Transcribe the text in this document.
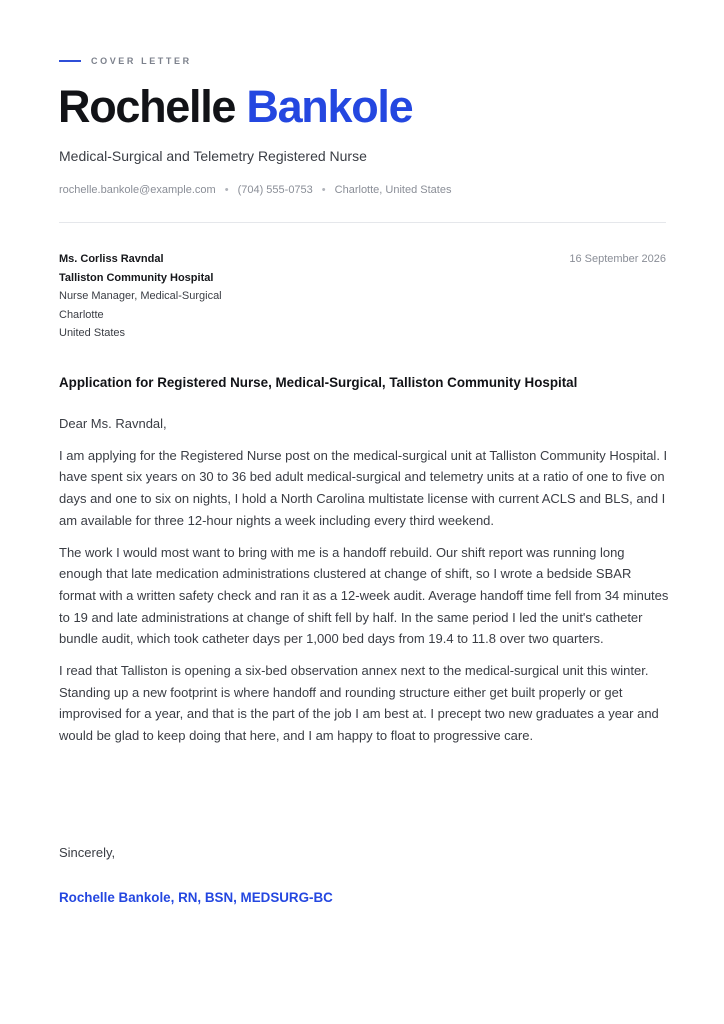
COVER LETTER
Rochelle Bankole
Medical-Surgical and Telemetry Registered Nurse
rochelle.bankole@example.com • (704) 555-0753 • Charlotte, United States
Ms. Corliss Ravndal
Talliston Community Hospital
Nurse Manager, Medical-Surgical
Charlotte
United States
16 September 2026
Application for Registered Nurse, Medical-Surgical, Talliston Community Hospital

Dear Ms. Ravndal,

I am applying for the Registered Nurse post on the medical-surgical unit at Talliston Community Hospital. I have spent six years on 30 to 36 bed adult medical-surgical and telemetry units at a ratio of one to five on days and one to six on nights, I hold a North Carolina multistate license with current ACLS and BLS, and I am available for three 12-hour nights a week including every third weekend.

The work I would most want to bring with me is a handoff rebuild. Our shift report was running long enough that late medication administrations clustered at change of shift, so I wrote a bedside SBAR format with a written safety check and ran it as a 12-week audit. Average handoff time fell from 34 minutes to 19 and late administrations at change of shift fell by half. In the same period I led the unit's catheter bundle audit, which took catheter days per 1,000 bed days from 19.4 to 11.8 over two quarters.

I read that Talliston is opening a six-bed observation annex next to the medical-surgical unit this winter. Standing up a new footprint is where handoff and rounding structure either get built properly or get improvised for a year, and that is the part of the job I am best at. I precept two new graduates a year and would be glad to keep doing that here, and I am happy to float to progressive care.

Sincerely,
Rochelle Bankole, RN, BSN, MEDSURG-BC
